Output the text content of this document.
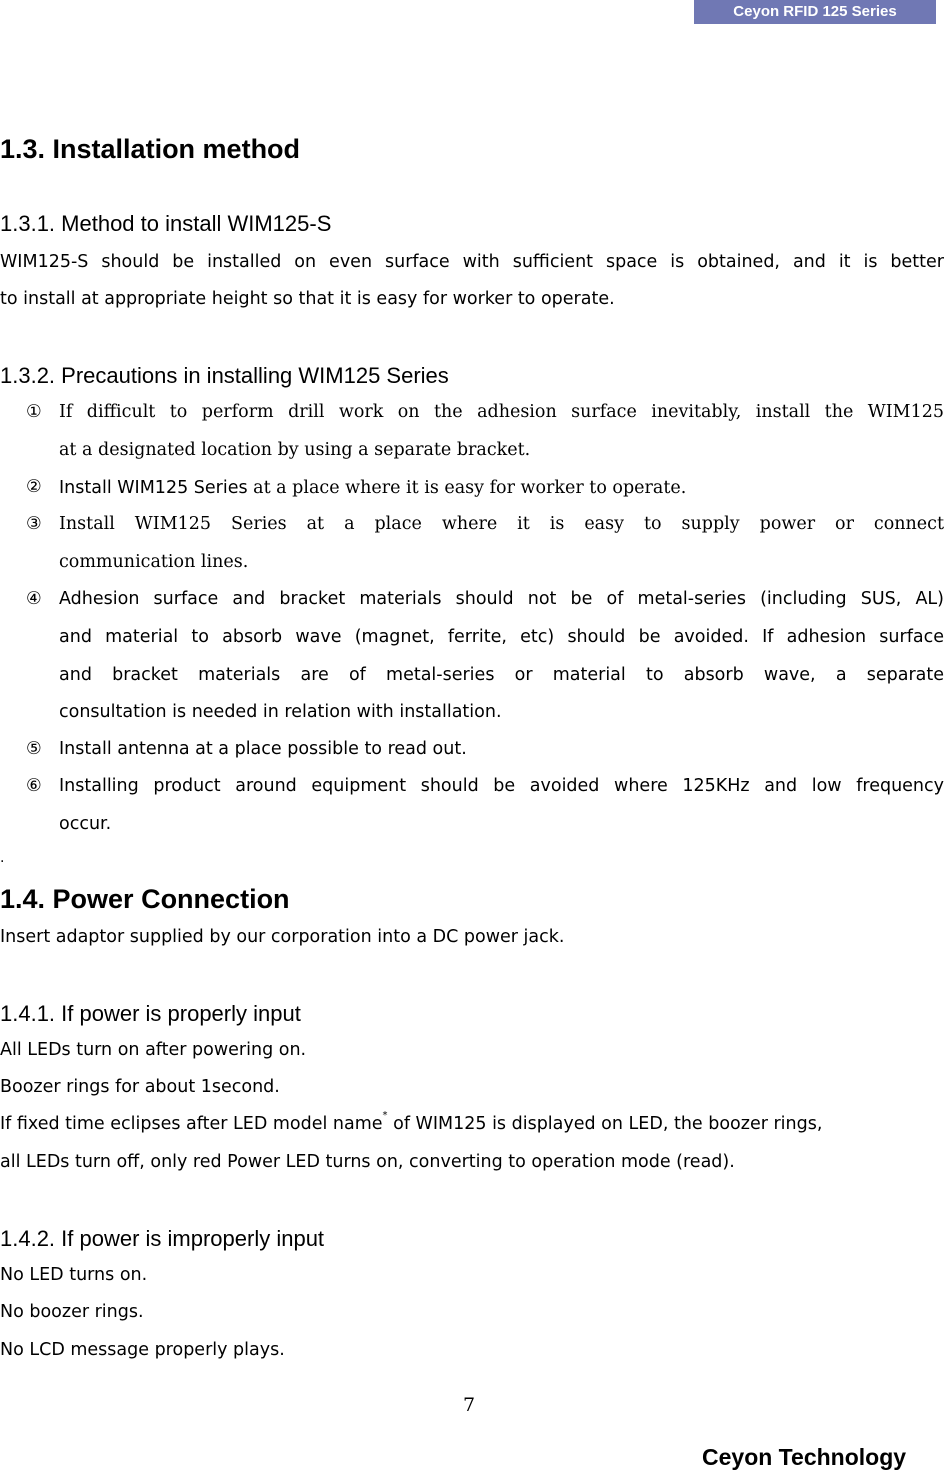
Ceyon RFID 125 Series
1.3. Installation method
1.3.1. Method to install WIM125-S
WIM125-S should be installed on even surface with sufficient space is obtained, and it is better
to install at appropriate height so that it is easy for worker to operate.
1.3.2. Precautions in installing WIM125 Series
① If difficult to perform drill work on the adhesion surface inevitably, install the WIM125
at a designated location by using a separate bracket.
② Install WIM125 Series at a place where it is easy for worker to operate.
③ Install WIM125 Series at a place where it is easy to supply power or connect
communication lines.
④ Adhesion surface and bracket materials should not be of metal-series (including SUS, AL)
and material to absorb wave (magnet, ferrite, etc) should be avoided. If adhesion surface
and bracket materials are of metal-series or material to absorb wave, a separate
consultation is needed in relation with installation.
⑤ Install antenna at a place possible to read out.
⑥ Installing product around equipment should be avoided where 125KHz and low frequency
occur.
.
1.4. Power Connection
Insert adaptor supplied by our corporation into a DC power jack.
1.4.1. If power is properly input
All LEDs turn on after powering on.
Boozer rings for about 1second.
If fixed time eclipses after LED model name* of WIM125 is displayed on LED, the boozer rings,
all LEDs turn off, only red Power LED turns on, converting to operation mode (read).
1.4.2. If power is improperly input
No LED turns on.
No boozer rings.
No LCD message properly plays.
7
Ceyon Technology
